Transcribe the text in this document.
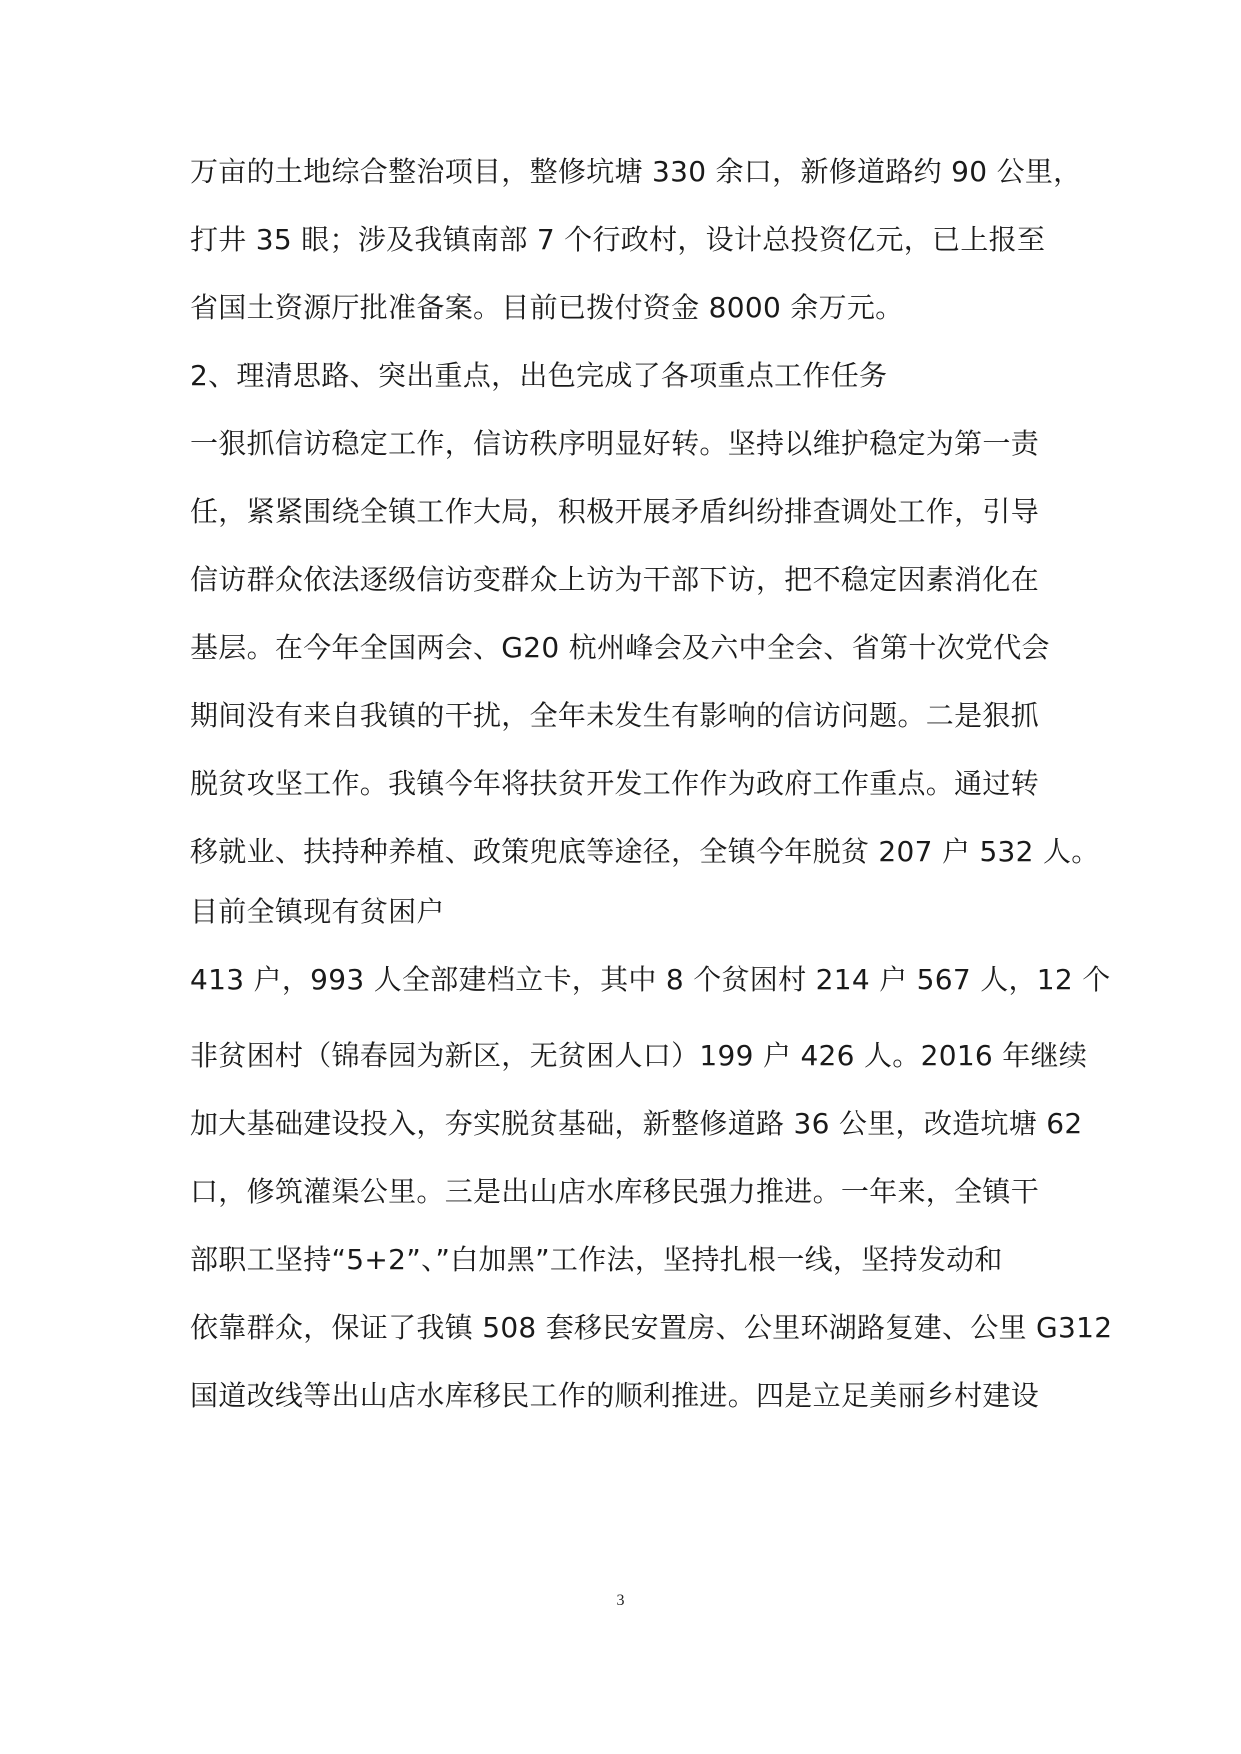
万亩的土地综合整治项目，整修坑塘 330 余口，新修道路约 90 公里，
打井 35 眼；涉及我镇南部 7 个行政村，设计总投资亿元，已上报至
省国土资源厅批准备案。目前已拨付资金 8000 余万元。
2、理清思路、突出重点，出色完成了各项重点工作任务
一狠抓信访稳定工作，信访秩序明显好转。坚持以维护稳定为第一责
任，紧紧围绕全镇工作大局，积极开展矛盾纠纷排查调处工作，引导
信访群众依法逐级信访变群众上访为干部下访，把不稳定因素消化在
基层。在今年全国两会、G20 杭州峰会及六中全会、省第十次党代会
期间没有来自我镇的干扰，全年未发生有影响的信访问题。二是狠抓
脱贫攻坚工作。我镇今年将扶贫开发工作作为政府工作重点。通过转
移就业、扶持种养植、政策兜底等途径，全镇今年脱贫 207 户 532 人。
目前全镇现有贫困户
413 户，993 人全部建档立卡，其中 8 个贫困村 214 户 567 人，12 个
非贫困村（锦春园为新区，无贫困人口）199 户 426 人。2016 年继续
加大基础建设投入，夯实脱贫基础，新整修道路 36 公里，改造坑塘 62
口，修筑灌渠公里。三是出山店水库移民强力推进。一年来，全镇干
部职工坚持“5+2”、”白加黑”工作法，坚持扎根一线，坚持发动和
依靠群众，保证了我镇 508 套移民安置房、公里环湖路复建、公里 G312
国道改线等出山店水库移民工作的顺利推进。四是立足美丽乡村建设
3
